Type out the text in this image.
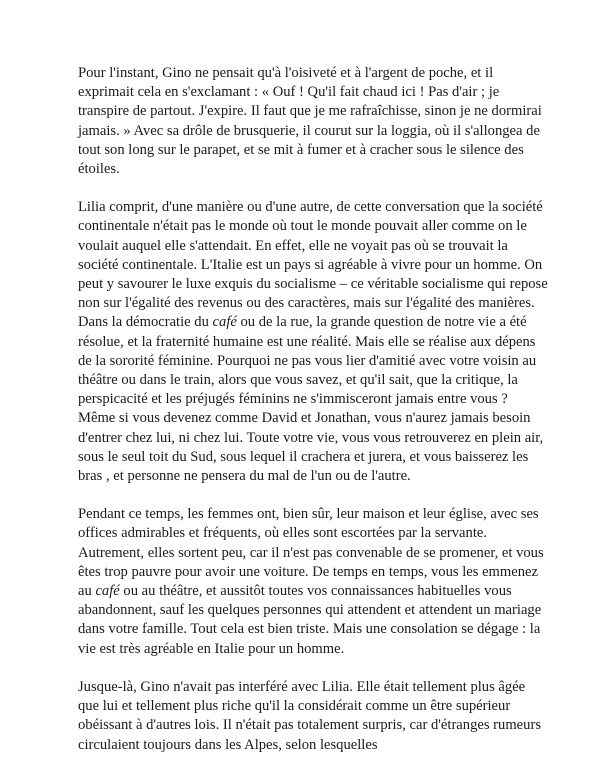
Pour l'instant, Gino ne pensait qu'à l'oisiveté et à l'argent de poche, et il exprimait cela en s'exclamant : « Ouf ! Qu'il fait chaud ici ! Pas d'air ; je transpire de partout. J'expire. Il faut que je me rafraîchisse, sinon je ne dormirai jamais. » Avec sa drôle de brusquerie, il courut sur la loggia, où il s'allongea de tout son long sur le parapet, et se mit à fumer et à cracher sous le silence des étoiles.

Lilia comprit, d'une manière ou d'une autre, de cette conversation que la société continentale n'était pas le monde où tout le monde pouvait aller comme on le voulait auquel elle s'attendait. En effet, elle ne voyait pas où se trouvait la société continentale. L'Italie est un pays si agréable à vivre pour un homme. On peut y savourer le luxe exquis du socialisme – ce véritable socialisme qui repose non sur l'égalité des revenus ou des caractères, mais sur l'égalité des manières. Dans la démocratie du café ou de la rue, la grande question de notre vie a été résolue, et la fraternité humaine est une réalité. Mais elle se réalise aux dépens de la sororité féminine. Pourquoi ne pas vous lier d'amitié avec votre voisin au théâtre ou dans le train, alors que vous savez, et qu'il sait, que la critique, la perspicacité et les préjugés féminins ne s'immisceront jamais entre vous ? Même si vous devenez comme David et Jonathan, vous n'aurez jamais besoin d'entrer chez lui, ni chez lui. Toute votre vie, vous vous retrouverez en plein air, sous le seul toit du Sud, sous lequel il crachera et jurera, et vous baisserez les bras , et personne ne pensera du mal de l'un ou de l'autre.

Pendant ce temps, les femmes ont, bien sûr, leur maison et leur église, avec ses offices admirables et fréquents, où elles sont escortées par la servante. Autrement, elles sortent peu, car il n'est pas convenable de se promener, et vous êtes trop pauvre pour avoir une voiture. De temps en temps, vous les emmenez au café ou au théâtre, et aussitôt toutes vos connaissances habituelles vous abandonnent, sauf les quelques personnes qui attendent et attendent un mariage dans votre famille. Tout cela est bien triste. Mais une consolation se dégage : la vie est très agréable en Italie pour un homme.

Jusque-là, Gino n'avait pas interféré avec Lilia. Elle était tellement plus âgée que lui et tellement plus riche qu'il la considérait comme un être supérieur obéissant à d'autres lois. Il n'était pas totalement surpris, car d'étranges rumeurs circulaient toujours dans les Alpes, selon lesquelles
